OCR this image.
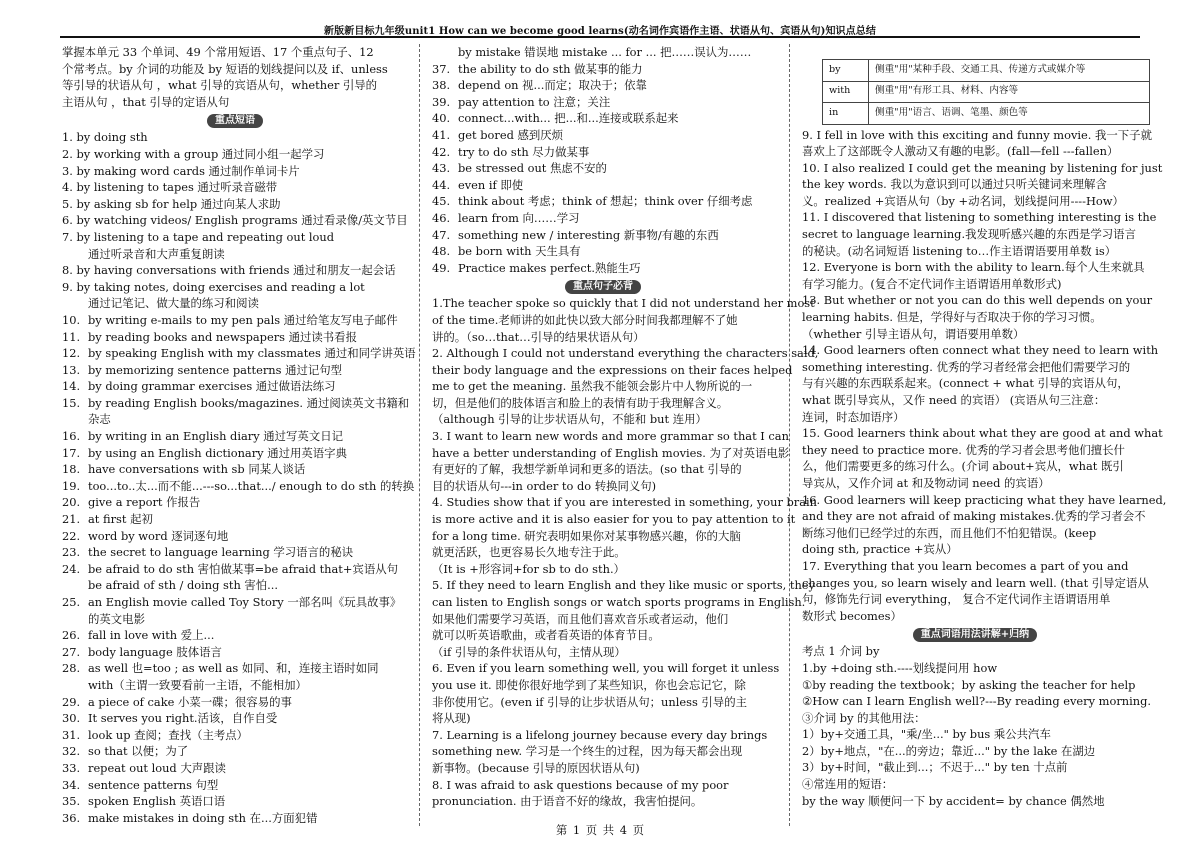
新版新目标九年级unit1 How can we become good learns(动名词作宾语作主语、状语从句、宾语从句)知识点总结
掌握本单元 33 个单词、49 个常用短语、17 个重点句子、12
个常考点。by 介词的功能及 by 短语的划线提问以及 if、unless
等引导的状语从句 ，what 引导的宾语从句，whether 引导的
主语从句 ，that 引导的定语从句
重点短语
1. by doing sth
2. by working with a group 通过同小组一起学习
3. by making word cards 通过制作单词卡片
4. by listening to tapes 通过听录音磁带
5. by asking sb for help 通过向某人求助
6. by watching videos/ English programs 通过看录像/英文节目
7. by listening to a tape and repeating out loud
通过听录音和大声重复朗读
8. by having conversations with friends 通过和朋友一起会话
9. by taking notes, doing exercises and reading a lot
通过记笔记、做大量的练习和阅读
10. by writing e-mails to my pen pals 通过给笔友写电子邮件
11. by reading books and newspapers 通过读书看报
12. by speaking English with my classmates 通过和同学讲英语
13. by memorizing sentence patterns 通过记句型
14. by doing grammar exercises 通过做语法练习
15. by reading English books/magazines. 通过阅读英文书籍和
杂志
16. by writing in an English diary 通过写英文日记
17. by using an English dictionary 通过用英语字典
18. have conversations with sb 同某人谈话
19. too...to..太...而不能...---so...that.../ enough to do sth 的转换
20. give a report 作报告
21. at first 起初
22. word by word 逐词逐句地
23. the secret to language learning 学习语言的秘诀
24. be afraid to do sth 害怕做某事=be afraid that+宾语从句
be afraid of sth / doing sth 害怕...
25. an English movie called Toy Story 一部名叫《玩具故事》
的英文电影
26. fall in love with 爱上...
27. body language 肢体语言
28. as well 也=too ; as well as 如同、和，连接主语时如同
with（主谓一致要看前一主语，不能相加）
29. a piece of cake 小菜一碟；很容易的事
30. It serves you right.活该，自作自受
31. look up 查阅；查找（主考点）
32. so that 以便；为了
33. repeat out loud 大声跟读
34. sentence patterns 句型
35. spoken English 英语口语
36. make mistakes in doing sth 在...方面犯错
by mistake 错误地 mistake ... for ... 把……误认为……
37. the ability to do sth 做某事的能力
38. depend on 视...而定；取决于；依靠
39. pay attention to 注意；关注
40. connect...with... 把...和...连接或联系起来
41. get bored 感到厌烦
42. try to do sth 尽力做某事
43. be stressed out 焦虑不安的
44. even if 即使
45. think about 考虑；think of 想起；think over 仔细考虑
46. learn from 向……学习
47. something new / interesting 新事物/有趣的东西
48. be born with 天生具有
49. Practice makes perfect.熟能生巧
重点句子必背
1.The teacher spoke so quickly that I did not understand her most
of the time.老师讲的如此快以致大部分时间我都理解不了她
讲的。（so…that…引导的结果状语从句）
2. Although I could not understand everything the characters said,
their body language and the expressions on their faces helped
me to get the meaning. 虽然我不能领会影片中人物所说的一
切，但是他们的肢体语言和脸上的表情有助于我理解含义。
（although 引导的让步状语从句，不能和 but 连用）
3. I want to learn new words and more grammar so that I can
have a better understanding of English movies. 为了对英语电影
有更好的了解，我想学新单词和更多的语法。(so that 引导的
目的状语从句---in order to do 转换同义句)
4. Studies show that if you are interested in something, your brain
is more active and it is also easier for you to pay attention to it
for a long time. 研究表明如果你对某事物感兴趣，你的大脑
就更活跃，也更容易长久地专注于此。
（It is +形容词+for sb to do sth.）
5. If they need to learn English and they like music or sports, they
can listen to English songs or watch sports programs in English.
如果他们需要学习英语，而且他们喜欢音乐或者运动，他们
就可以听英语歌曲，或者看英语的体育节目。
（if 引导的条件状语从句，主情从现）
6. Even if you learn something well, you will forget it unless
you use it. 即使你很好地学到了某些知识，你也会忘记它，除
非你使用它。(even if 引导的让步状语从句；unless 引导的主
将从现)
7. Learning is a lifelong journey because every day brings
something new. 学习是一个终生的过程，因为每天都会出现
新事物。(because 引导的原因状语从句)
8. I was afraid to ask questions because of my poor
pronunciation. 由于语音不好的缘故，我害怕提问。
by	侧重"用"某种手段、交通工具、传递方式或媒介等
with	侧重"用"有形工具、材料、内容等
in	侧重"用"语言、语调、笔墨、颜色等
9. I fell in love with this exciting and funny movie. 我一下子就
喜欢上了这部既令人激动又有趣的电影。(fall—fell ---fallen）
10. I also realized I could get the meaning by listening for just
the key words. 我以为意识到可以通过只听关键词来理解含
义。realized +宾语从句（by +动名词，划线提问用----How）
11. I discovered that listening to something interesting is the
secret to language learning.我发现听感兴趣的东西是学习语言
的秘诀。(动名词短语 listening to…作主语谓语要用单数 is）
12. Everyone is born with the ability to learn.每个人生来就具
有学习能力。(复合不定代词作主语谓语用单数形式)
13. But whether or not you can do this well depends on your
learning habits. 但是，学得好与否取决于你的学习习惯。
（whether 引导主语从句，谓语要用单数）
14. Good learners often connect what they need to learn with
something interesting. 优秀的学习者经常会把他们需要学习的
与有兴趣的东西联系起来。(connect + what 引导的宾语从句，
what 既引导宾从，又作 need 的宾语） (宾语从句三注意：
连词，时态加语序）
15. Good learners think about what they are good at and what
they need to practice more. 优秀的学习者会思考他们擅长什
么，他们需要更多的练习什么。(介词 about+宾从，what 既引
导宾从，又作介词 at 和及物动词 need 的宾语）
16. Good learners will keep practicing what they have learned,
and they are not afraid of making mistakes.优秀的学习者会不
断练习他们已经学过的东西，而且他们不怕犯错误。(keep
doing sth, practice +宾从）
17. Everything that you learn becomes a part of you and
changes you, so learn wisely and learn well. (that 引导定语从
句，修饰先行词 everything， 复合不定代词作主语谓语用单
数形式 becomes）
重点词语用法讲解+归纳
考点 1 介词 by
1.by +doing sth.----划线提问用 how
①by reading the textbook；by asking the teacher for help
②How can I learn English well?---By reading every morning.
③介词 by 的其他用法：
1）by+交通工具，"乘/坐..." by bus 乘公共汽车
2）by+地点，"在...的旁边；靠近..." by the lake 在湖边
3）by+时间，"截止到...；不迟于..." by ten 十点前
④常连用的短语：
by the way 顺便问一下 by accident= by chance 偶然地
第 1 页 共 4 页
